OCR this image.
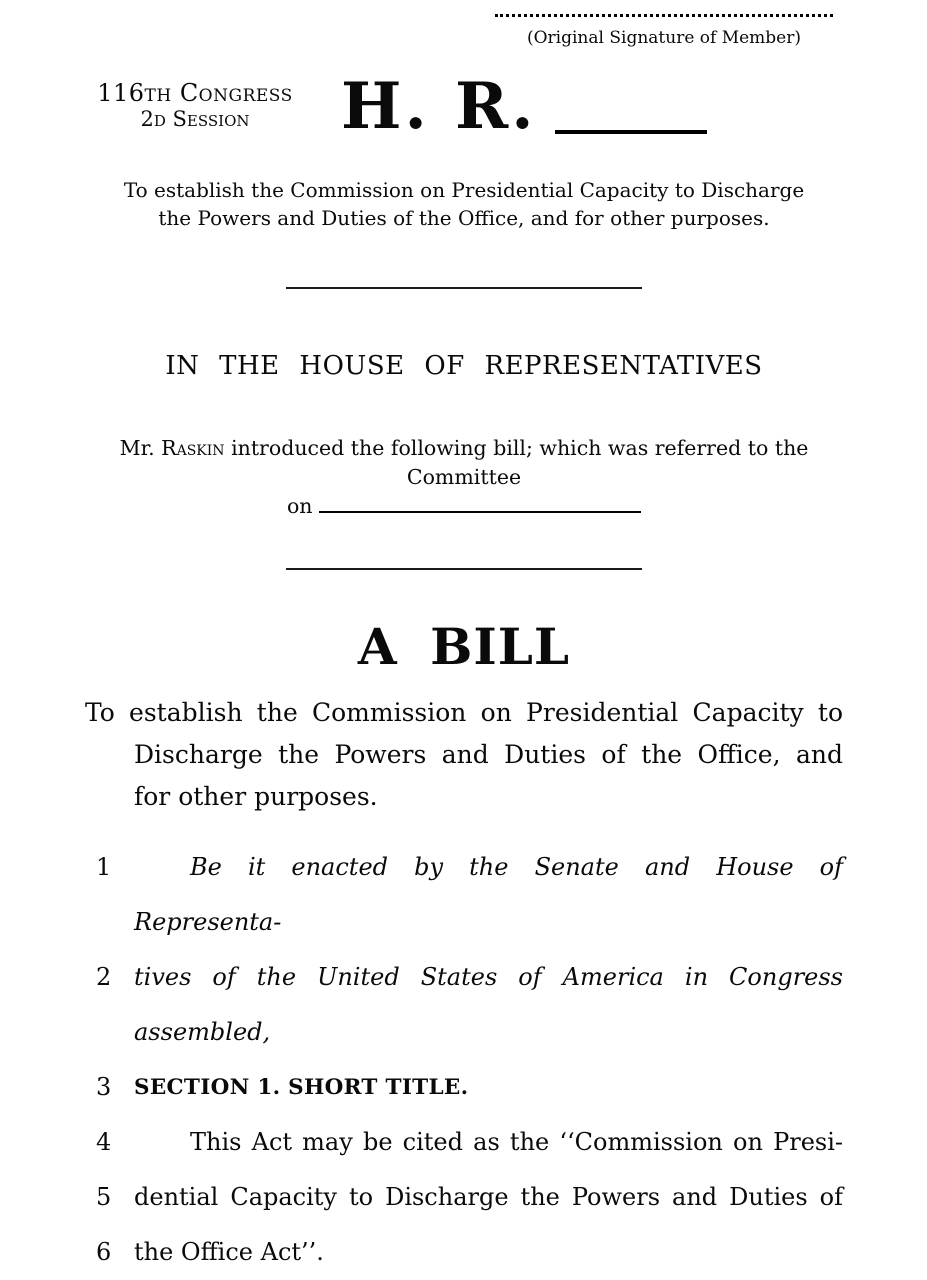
(Original Signature of Member)
116th Congress
2d Session	H. R.
To establish the Commission on Presidential Capacity to Discharge the Powers and Duties of the Office, and for other purposes.
IN THE HOUSE OF REPRESENTATIVES
Mr. Raskin introduced the following bill; which was referred to the Committee
on
A BILL
To establish the Commission on Presidential Capacity to
Discharge the Powers and Duties of the Office, and
for other purposes.
1	Be it enacted by the Senate and House of Representa-
2 tives of the United States of America in Congress assembled,
3	SECTION 1. SHORT TITLE.
4	This Act may be cited as the ‘‘Commission on Presi-
5 dential Capacity to Discharge the Powers and Duties of
6 the Office Act’’.
